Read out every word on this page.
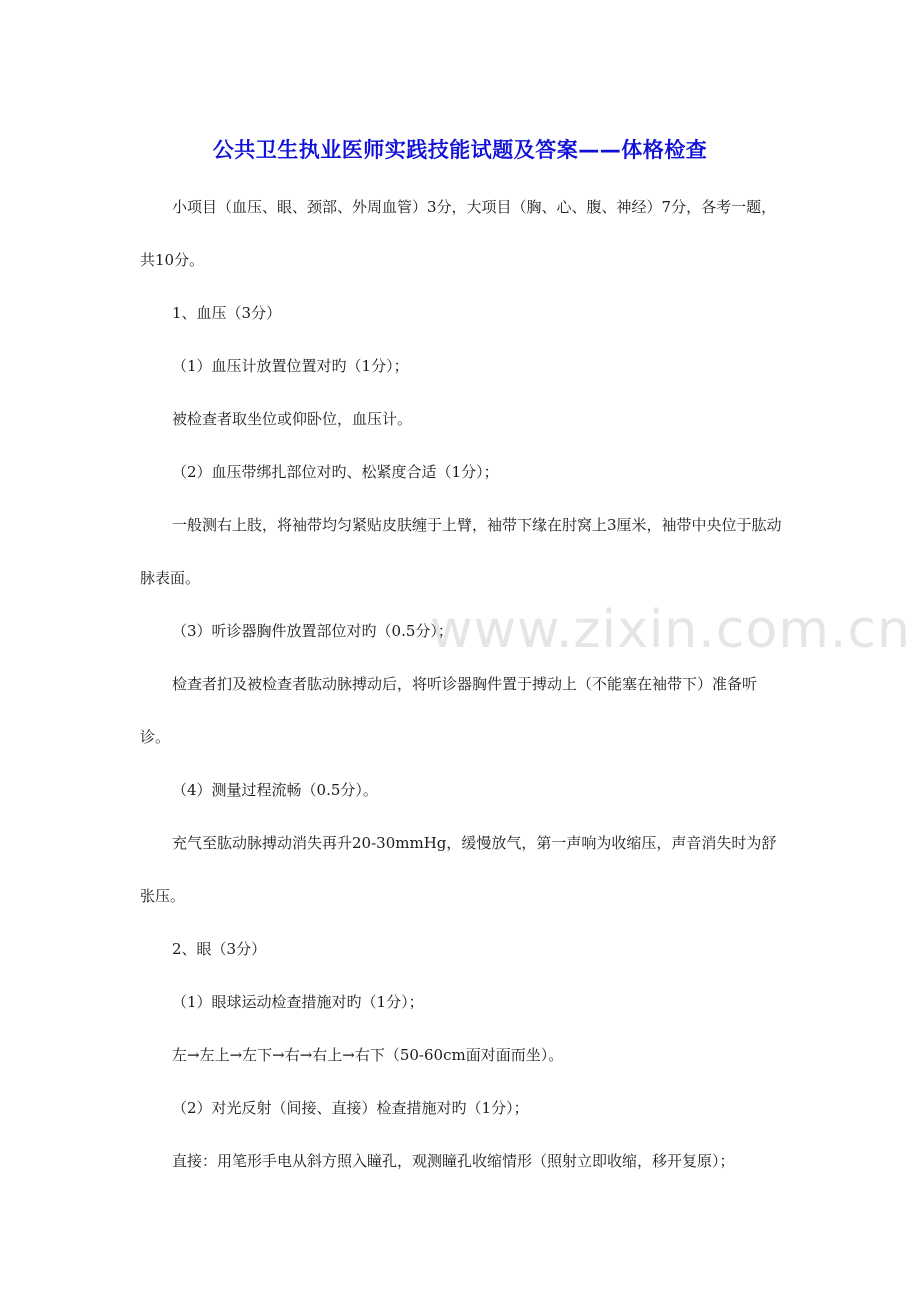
公共卫生执业医师实践技能试题及答案——体格检查

小项目（血压、眼、颈部、外周血管）3分，大项目（胸、心、腹、神经）7分，各考一题，共10分。

1、血压（3分）

（1）血压计放置位置对旳（1分）；

被检查者取坐位或仰卧位，血压计。

（2）血压带绑扎部位对旳、松紧度合适（1分）；

一般测右上肢，将袖带均匀紧贴皮肤缠于上臂，袖带下缘在肘窝上3厘米，袖带中央位于肱动脉表面。

（3）听诊器胸件放置部位对旳（0.5分）；

检查者扪及被检查者肱动脉搏动后，将听诊器胸件置于搏动上（不能塞在袖带下）准备听诊。

（4）测量过程流畅（0.5分）。

充气至肱动脉搏动消失再升20-30mmHg，缓慢放气，第一声响为收缩压，声音消失时为舒张压。

2、眼（3分）

（1）眼球运动检查措施对旳（1分）；

左→左上→左下→右→右上→右下（50-60cm面对面而坐）。

（2）对光反射（间接、直接）检查措施对旳（1分）；

直接：用笔形手电从斜方照入瞳孔，观测瞳孔收缩情形（照射立即收缩，移开复原）；

www.zixin.com.cn
